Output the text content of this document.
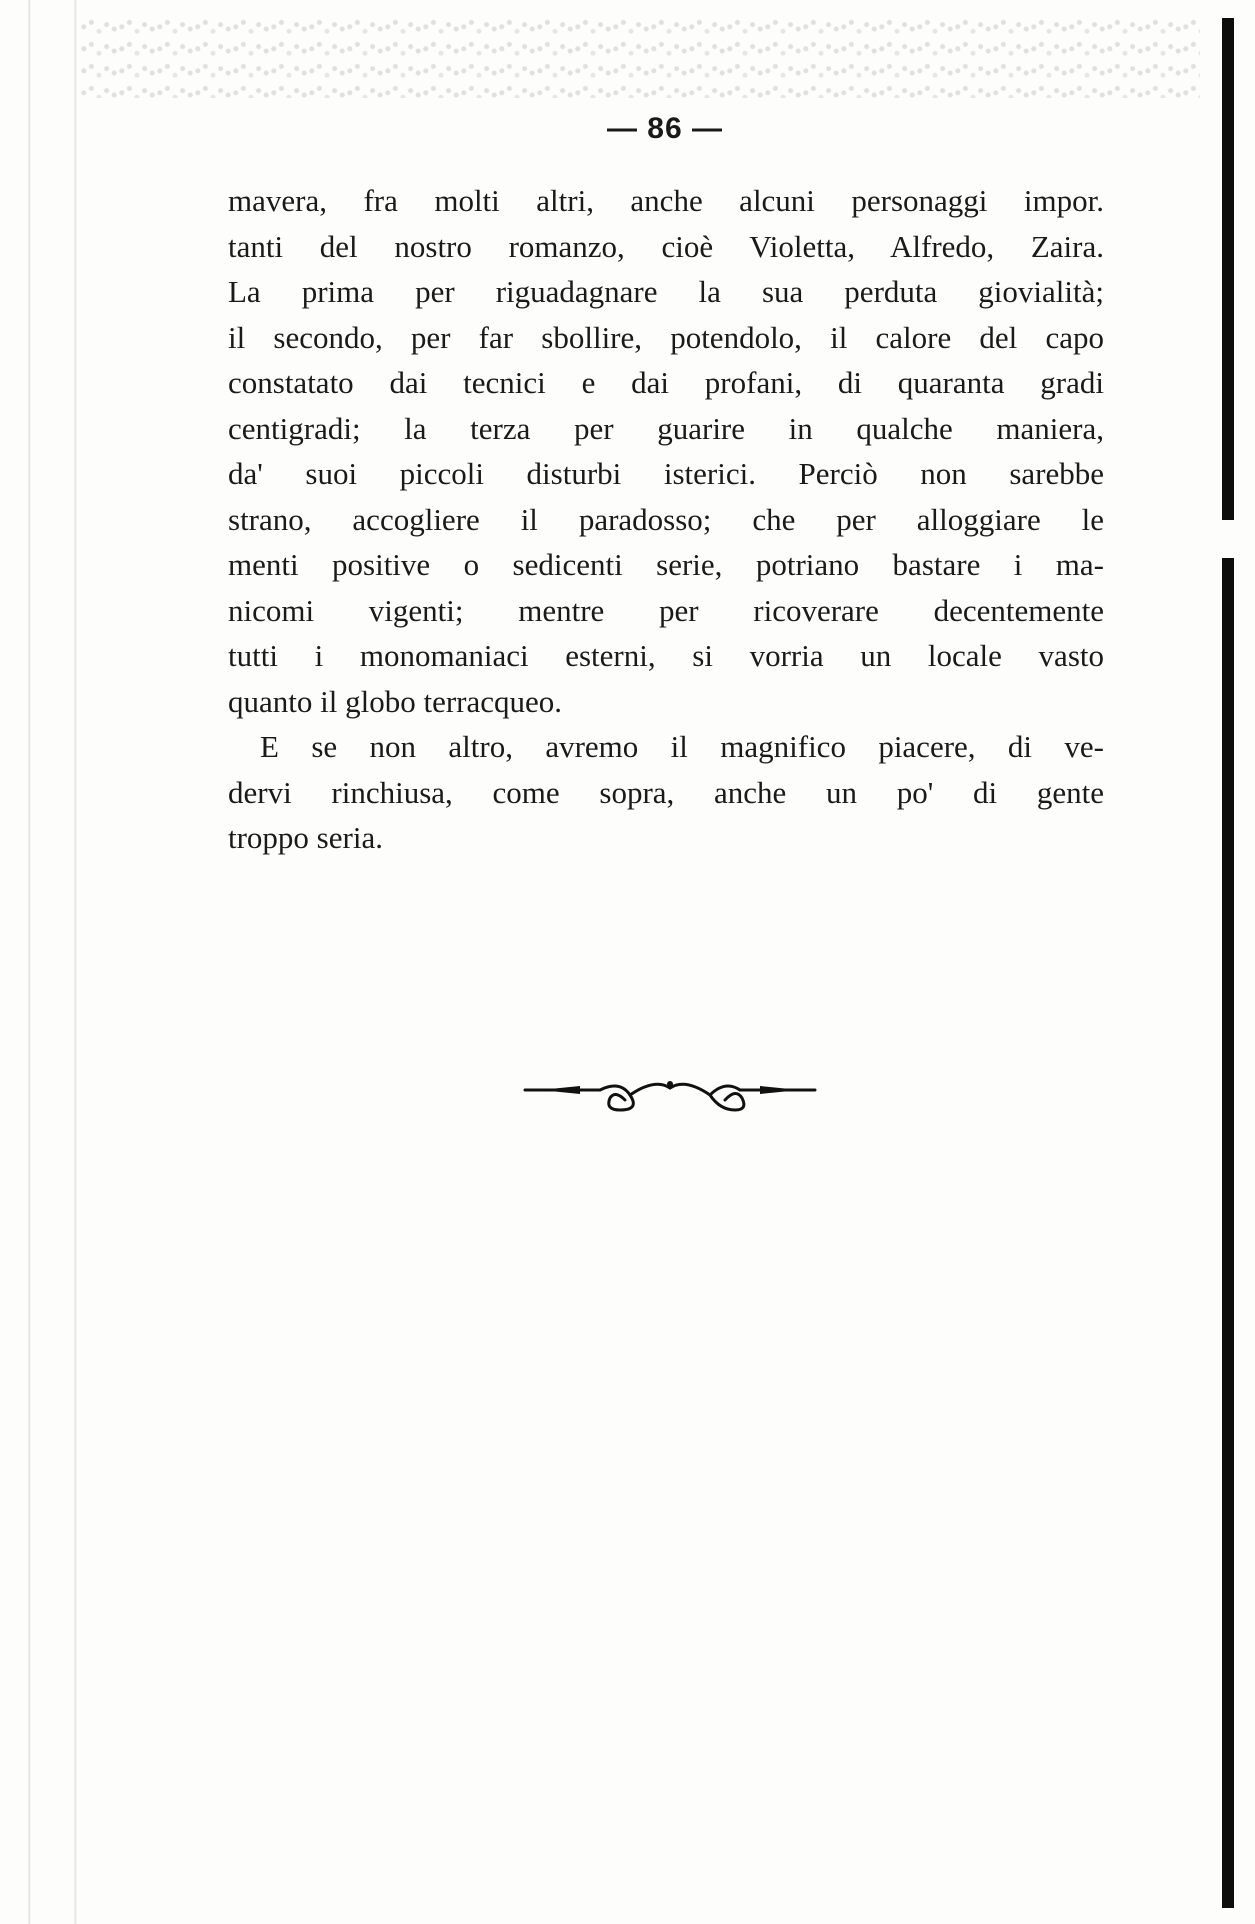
— 86 —
mavera, fra molti altri, anche alcuni personaggi impor.
tanti del nostro romanzo, cioè Violetta, Alfredo, Zaira.
La prima per riguadagnare la sua perduta giovialità;
il secondo, per far sbollire, potendolo, il calore del capo
constatato dai tecnici e dai profani, di quaranta gradi
centigradi; la terza per guarire in qualche maniera,
da' suoi piccoli disturbi isterici. Perciò non sarebbe
strano, accogliere il paradosso; che per alloggiare le
menti positive o sedicenti serie, potriano bastare i ma-
nicomi vigenti; mentre per ricoverare decentemente
tutti i monomaniaci esterni, si vorria un locale vasto
quanto il globo terracqueo.
E se non altro, avremo il magnifico piacere, di ve-
dervi rinchiusa, come sopra, anche un po' di gente
troppo seria.
